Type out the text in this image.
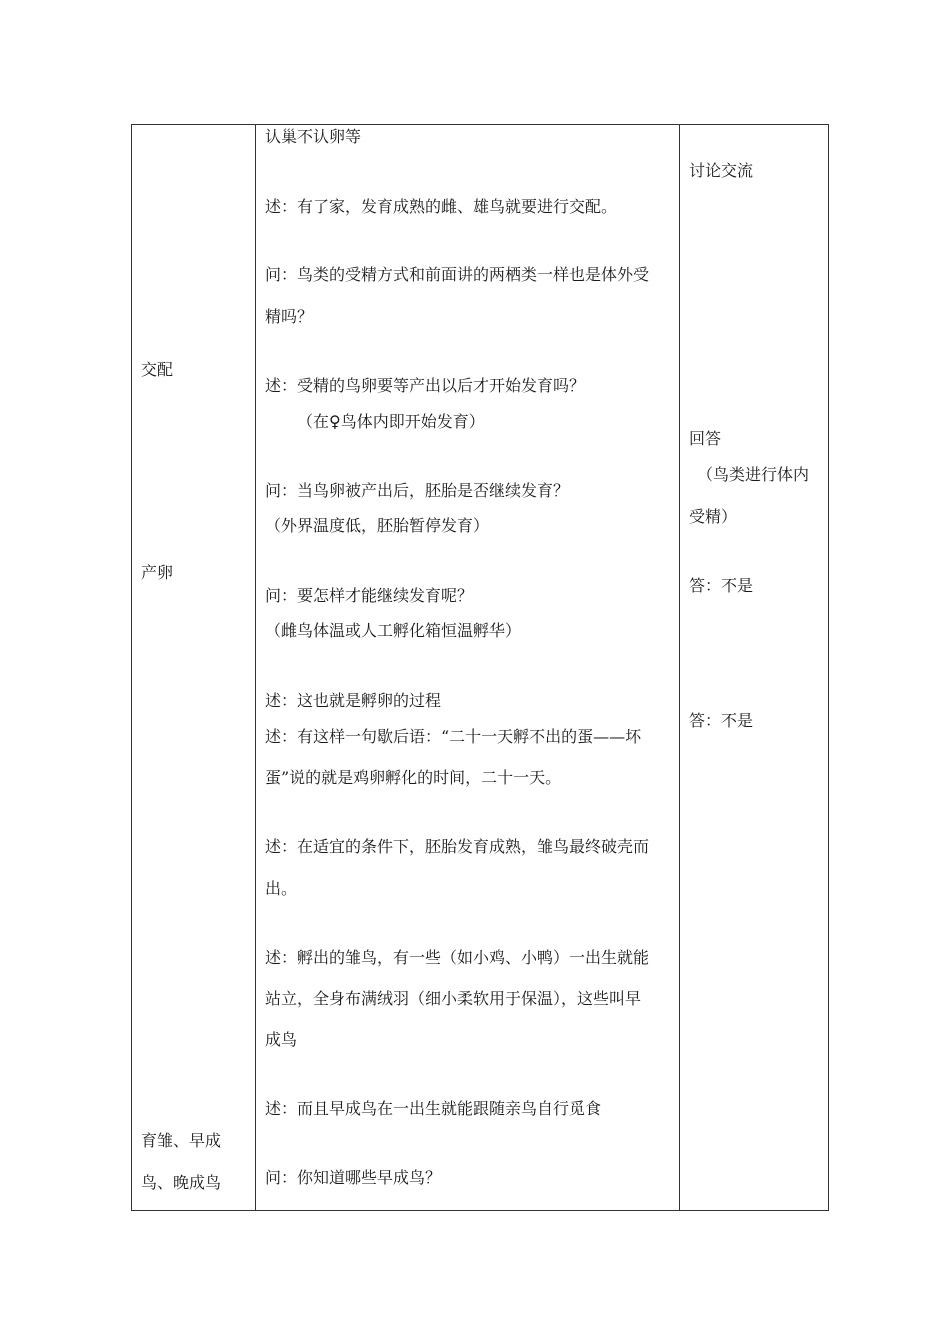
交配
产卵
育雏、早成
鸟、晚成鸟
认巢不认卵等
述：有了家，发育成熟的雌、雄鸟就要进行交配。
问：鸟类的受精方式和前面讲的两栖类一样也是体外受
精吗？
述：受精的鸟卵要等产出以后才开始发育吗？
（在♀鸟体内即开始发育）
问：当鸟卵被产出后，胚胎是否继续发育？
（外界温度低，胚胎暂停发育）
问：要怎样才能继续发育呢？
（雌鸟体温或人工孵化箱恒温孵华）
述：这也就是孵卵的过程
述：有这样一句歇后语：“二十一天孵不出的蛋——坏
蛋”说的就是鸡卵孵化的时间，二十一天。
述：在适宜的条件下，胚胎发育成熟，雏鸟最终破壳而
出。
述：孵出的雏鸟，有一些（如小鸡、小鸭）一出生就能
站立，全身布满绒羽（细小柔软用于保温），这些叫早
成鸟
述：而且早成鸟在一出生就能跟随亲鸟自行觅食
问：你知道哪些早成鸟？
讨论交流
回答
（鸟类进行体内
受精）
答：不是
答：不是
